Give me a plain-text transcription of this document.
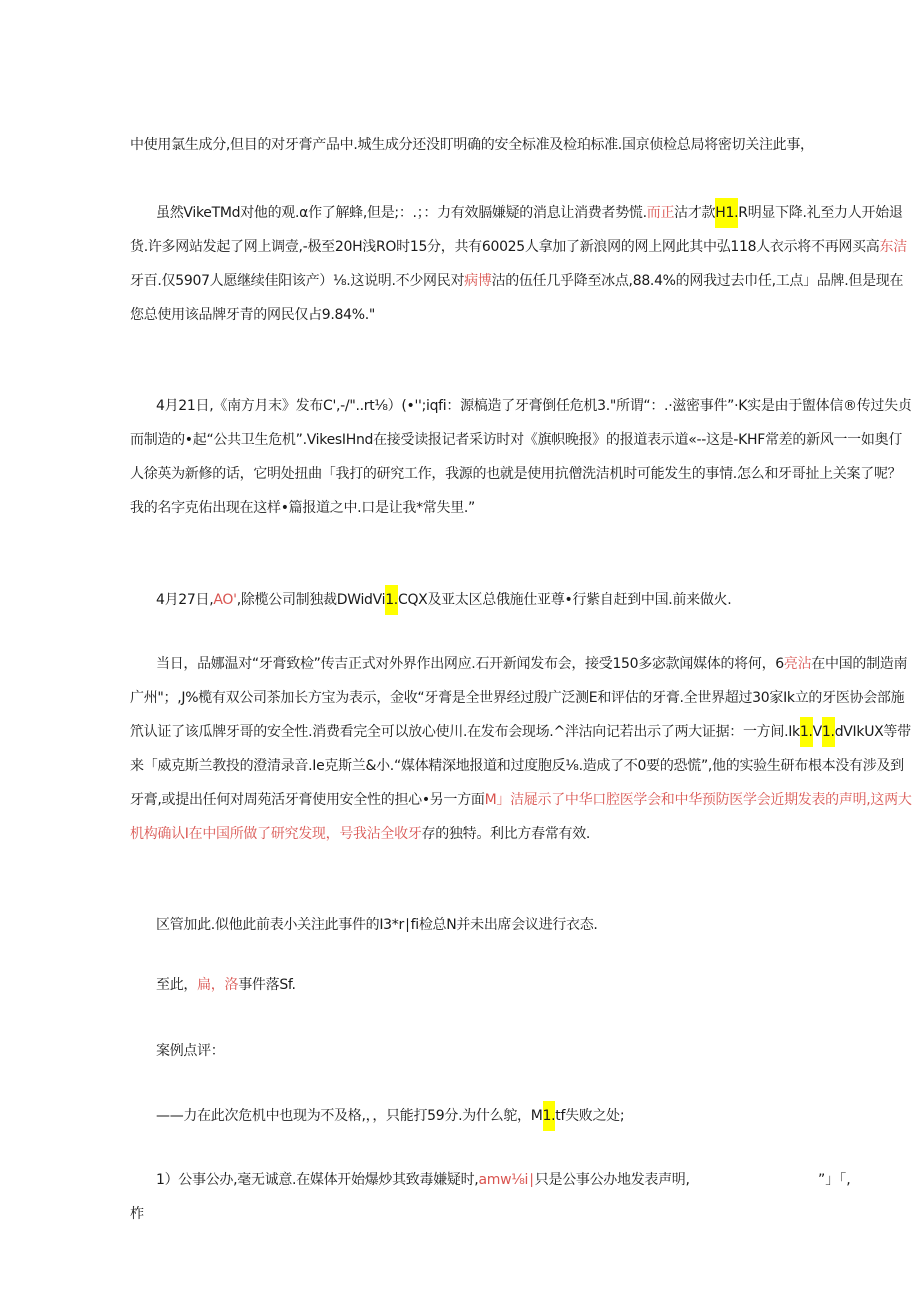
中使用氯生成分,但目的对牙膏产品中.城生成分还没盯明确的安全标准及检珀标准.国京侦检总局将密切关注此事，

虽然VikeTMd对他的观.α作了解蜂,但是;：.；：力有效膈嫌疑的消息让消费者势慌.而正沽才款H1.R明显下降.礼至力人开始退货.许多网站发起了网上调壹,-极至20H浅RO时15分，共有60025人拿加了新浪网的网上网此其中弘118人衣示将不再网买高东洁牙百.仅5907人愿继续佳阳该产）⅛.这说明.不少网民对病博沽的伍任几乎降至冰点,88.4%的网我过去巾任,工点」品牌.但是现在您总使用该品牌牙青的网民仅占9.84%."

4月21日,《南方月末》发布C',-/"..rt⅛）(•'';iqfi：源槁造了牙膏倒任危机3."所谓“：.·滋密事件”·K实是由于盥体信®传过失贞而制造的•起“公共卫生危机”.VikesIHnd在接受读报记者采访时对《旗帜晚报》的报道表示道«--这是-KHF常差的新风一一如奥仃人徐英为新修的话，它明处扭曲「我打的研究工作，我源的也就是使用抗僧洗洁机时可能发生的事情.怎么和牙哥扯上关案了呢？我的名字克佑出现在这样•篇报道之中.口是让我*常失里.”

4月27日,AO',除榄公司制独裁DWidVi1.CQX及亚太区总俄施仕亚尊•行紫自赶到中国.前来做火.

当日，品娜温对“牙膏致检”传吉正式对外界作出网应.石开新闻发布会，接受150多宓款闻媒体的将何，6亮沾在中国的制造南广州"；,J%榄有双公司茶加长方宝为表示，金收“牙膏是全世界经过殷广泛测E和评估的牙膏.全世界超过30家Ik立的牙医协会部施笊认证了该瓜牌牙哥的安全性.消费看完全可以放心使川.在发布会现场.^泮沽向记若出示了两大证据：一方间.Ik1.V1.dVIkUX等带来「威克斯兰教投的澄清录音.Ie克斯兰&小.“媒体精深地报道和过度胞反⅛.造成了不0要的恐慌”,他的实验生研布根本没有涉及到牙膏,或提出任何对周苑活牙膏使用安全性的担心•另一方面M」洁屣示了中华口腔医学会和中华预防医学会近期发表的声明,这两大机构确认I在中国所做了研究发现，号我沾全收牙存的独特。利比方春常有效.

区管加此.似他此前表小关注此事件的I3*r∣fi检总N并未出席会议进行衣态.

至此，扁，洛事件落Sf.

案例点评：

——力在此次危机中也现为不及格,，，只能打59分.为什么鸵，M1.tf失败之处;

1）公事公办,毫无诚意.在媒体开始爆炒其致毒嫌疑时,amw⅛i∣只是公事公办地发表声明,柞

”」「,
